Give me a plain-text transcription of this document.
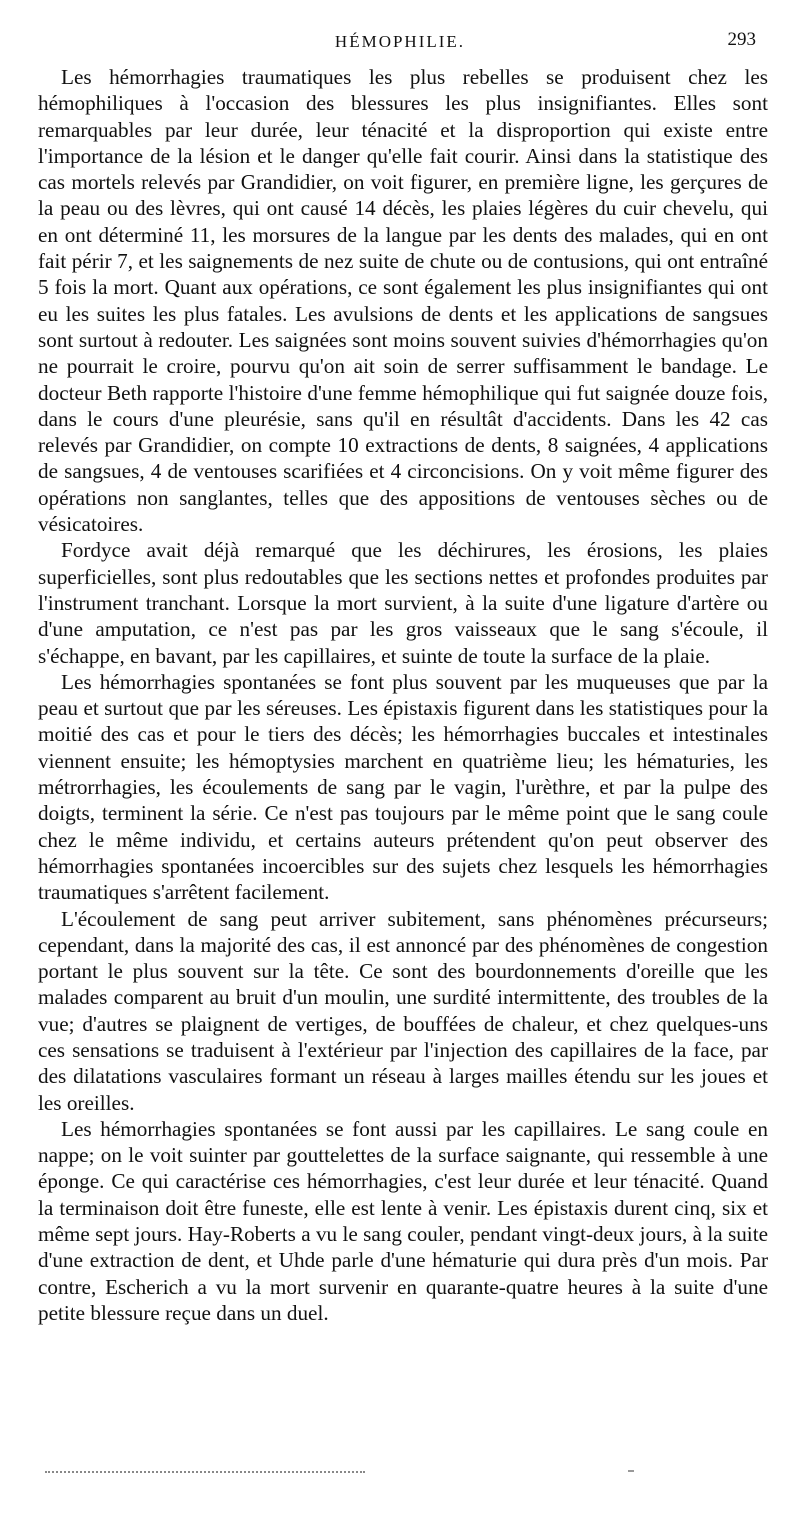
HÉMOPHILIE.	293

Les hémorrhagies traumatiques les plus rebelles se produisent chez les hémophiliques à l'occasion des blessures les plus insignifiantes. Elles sont remarquables par leur durée, leur ténacité et la disproportion qui existe entre l'importance de la lésion et le danger qu'elle fait courir. Ainsi dans la statistique des cas mortels relevés par Grandidier, on voit figurer, en première ligne, les gerçures de la peau ou des lèvres, qui ont causé 14 décès, les plaies légères du cuir chevelu, qui en ont déterminé 11, les morsures de la langue par les dents des malades, qui en ont fait périr 7, et les saignements de nez suite de chute ou de contusions, qui ont entraîné 5 fois la mort. Quant aux opérations, ce sont également les plus insignifiantes qui ont eu les suites les plus fatales. Les avulsions de dents et les applications de sangsues sont surtout à redouter. Les saignées sont moins souvent suivies d'hémorrhagies qu'on ne pourrait le croire, pourvu qu'on ait soin de serrer suffisamment le bandage. Le docteur Beth rapporte l'histoire d'une femme hémophilique qui fut saignée douze fois, dans le cours d'une pleurésie, sans qu'il en résultât d'accidents. Dans les 42 cas relevés par Grandidier, on compte 10 extractions de dents, 8 saignées, 4 applications de sangsues, 4 de ventouses scarifiées et 4 circoncisions. On y voit même figurer des opérations non sanglantes, telles que des appositions de ventouses sèches ou de vésicatoires.

Fordyce avait déjà remarqué que les déchirures, les érosions, les plaies superficielles, sont plus redoutables que les sections nettes et profondes produites par l'instrument tranchant. Lorsque la mort survient, à la suite d'une ligature d'artère ou d'une amputation, ce n'est pas par les gros vaisseaux que le sang s'écoule, il s'échappe, en bavant, par les capillaires, et suinte de toute la surface de la plaie.

Les hémorrhagies spontanées se font plus souvent par les muqueuses que par la peau et surtout que par les séreuses. Les épistaxis figurent dans les statistiques pour la moitié des cas et pour le tiers des décès; les hémorrhagies buccales et intestinales viennent ensuite; les hémoptysies marchent en quatrième lieu; les hématuries, les métrorrhagies, les écoulements de sang par le vagin, l'urèthre, et par la pulpe des doigts, terminent la série. Ce n'est pas toujours par le même point que le sang coule chez le même individu, et certains auteurs prétendent qu'on peut observer des hémorrhagies spontanées incoercibles sur des sujets chez lesquels les hémorrhagies traumatiques s'arrêtent facilement.

L'écoulement de sang peut arriver subitement, sans phénomènes précurseurs; cependant, dans la majorité des cas, il est annoncé par des phénomènes de congestion portant le plus souvent sur la tête. Ce sont des bourdonnements d'oreille que les malades comparent au bruit d'un moulin, une surdité intermittente, des troubles de la vue; d'autres se plaignent de vertiges, de bouffées de chaleur, et chez quelques-uns ces sensations se traduisent à l'extérieur par l'injection des capillaires de la face, par des dilatations vasculaires formant un réseau à larges mailles étendu sur les joues et les oreilles.

Les hémorrhagies spontanées se font aussi par les capillaires. Le sang coule en nappe; on le voit suinter par gouttelettes de la surface saignante, qui ressemble à une éponge. Ce qui caractérise ces hémorrhagies, c'est leur durée et leur ténacité. Quand la terminaison doit être funeste, elle est lente à venir. Les épistaxis durent cinq, six et même sept jours. Hay-Roberts a vu le sang couler, pendant vingt-deux jours, à la suite d'une extraction de dent, et Uhde parle d'une hématurie qui dura près d'un mois. Par contre, Escherich a vu la mort survenir en quarante-quatre heures à la suite d'une petite blessure reçue dans un duel.
